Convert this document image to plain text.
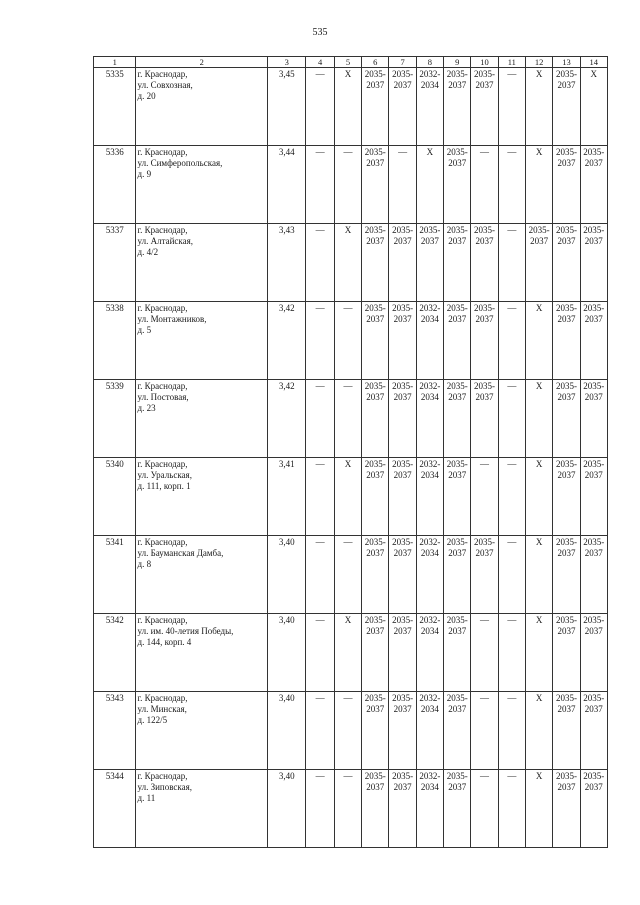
535
1	2	3	4	5	6	7	8	9	10	11	12	13	14
5335	г. Краснодар,
ул. Совхозная,
д. 20	3,45	—	Х	2035-
2037	2035-
2037	2032-
2034	2035-
2037	2035-
2037	—	Х	2035-
2037	Х
5336	г. Краснодар,
ул. Симферопольская,
д. 9	3,44	—	—	2035-
2037	—	Х	2035-
2037	—	—	Х	2035-
2037	2035-
2037
5337	г. Краснодар,
ул. Алтайская,
д. 4/2	3,43	—	Х	2035-
2037	2035-
2037	2035-
2037	2035-
2037	2035-
2037	—	2035-
2037	2035-
2037	2035-
2037
5338	г. Краснодар,
ул. Монтажников,
д. 5	3,42	—	—	2035-
2037	2035-
2037	2032-
2034	2035-
2037	2035-
2037	—	Х	2035-
2037	2035-
2037
5339	г. Краснодар,
ул. Постовая,
д. 23	3,42	—	—	2035-
2037	2035-
2037	2032-
2034	2035-
2037	2035-
2037	—	Х	2035-
2037	2035-
2037
5340	г. Краснодар,
ул. Уральская,
д. 111, корп. 1	3,41	—	Х	2035-
2037	2035-
2037	2032-
2034	2035-
2037	—	—	Х	2035-
2037	2035-
2037
5341	г. Краснодар,
ул. Бауманская Дамба,
д. 8	3,40	—	—	2035-
2037	2035-
2037	2032-
2034	2035-
2037	2035-
2037	—	Х	2035-
2037	2035-
2037
5342	г. Краснодар,
ул. им. 40-летия Победы,
д. 144, корп. 4	3,40	—	Х	2035-
2037	2035-
2037	2032-
2034	2035-
2037	—	—	Х	2035-
2037	2035-
2037
5343	г. Краснодар,
ул. Минская,
д. 122/5	3,40	—	—	2035-
2037	2035-
2037	2032-
2034	2035-
2037	—	—	Х	2035-
2037	2035-
2037
5344	г. Краснодар,
ул. Зиповская,
д. 11	3,40	—	—	2035-
2037	2035-
2037	2032-
2034	2035-
2037	—	—	Х	2035-
2037	2035-
2037
